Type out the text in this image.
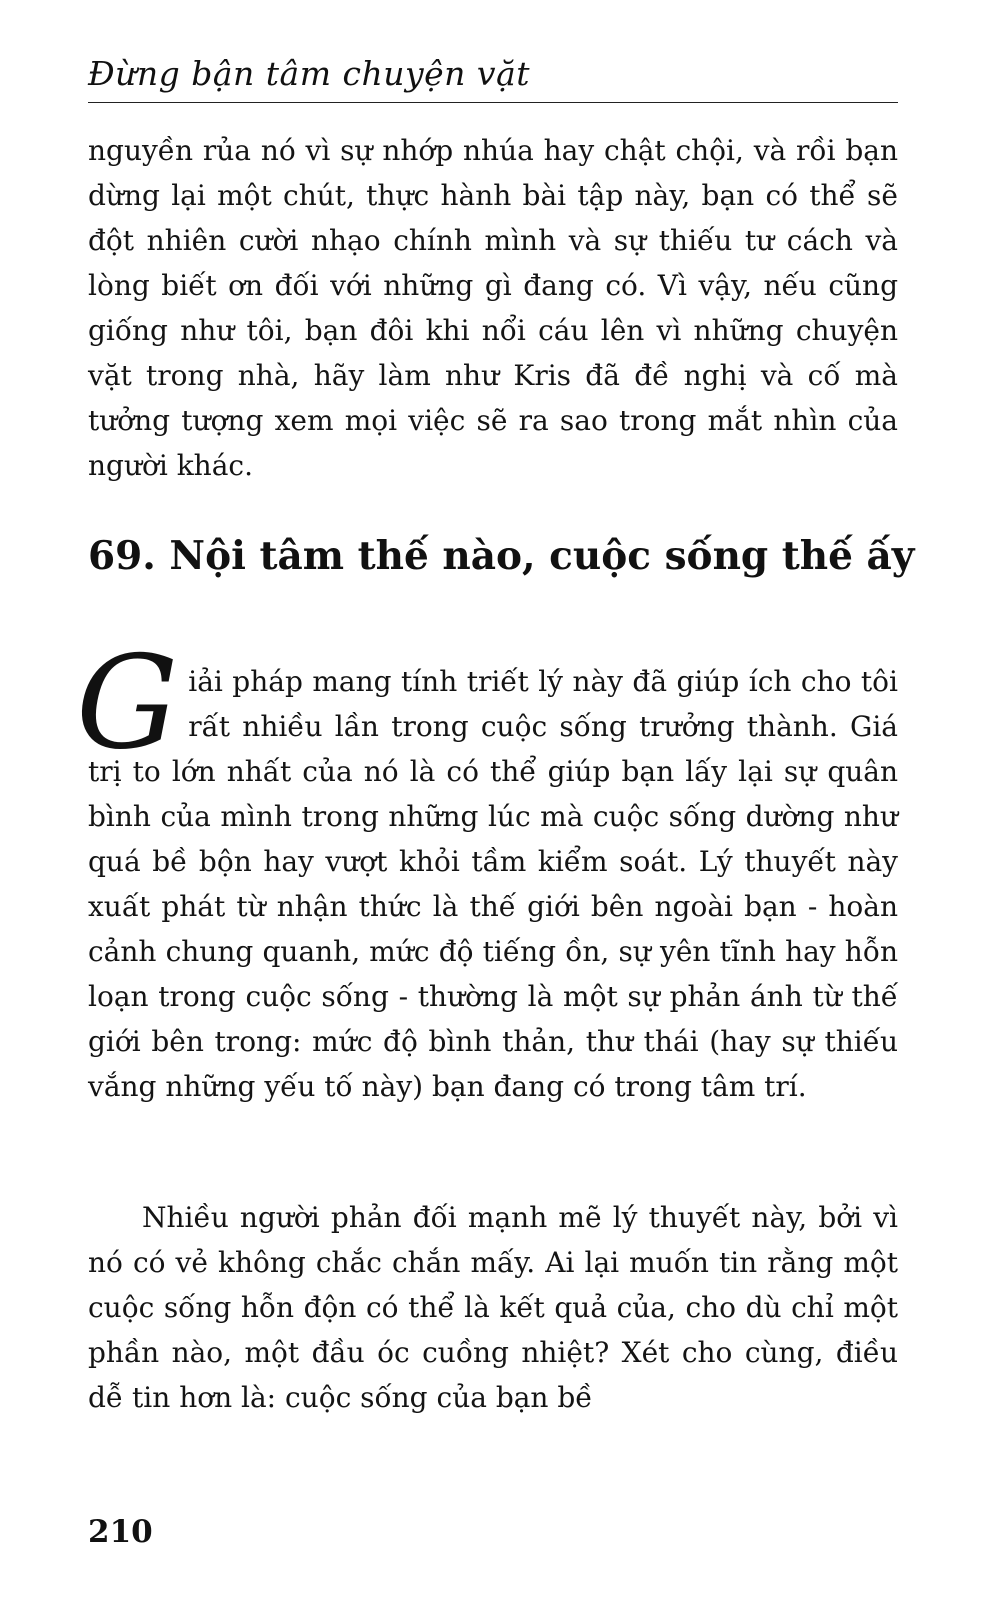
Đừng bận tâm chuyện vặt

nguyền rủa nó vì sự nhớp nhúa hay chật chội, và rồi bạn dừng lại một chút, thực hành bài tập này, bạn có thể sẽ đột nhiên cười nhạo chính mình và sự thiếu tư cách và lòng biết ơn đối với những gì đang có. Vì vậy, nếu cũng giống như tôi, bạn đôi khi nổi cáu lên vì những chuyện vặt trong nhà, hãy làm như Kris đã đề nghị và cố mà tưởng tượng xem mọi việc sẽ ra sao trong mắt nhìn của người khác.

69. Nội tâm thế nào, cuộc sống thế ấy
G iải pháp mang tính triết lý này đã giúp ích cho tôi rất nhiều lần trong cuộc sống trưởng thành. Giá trị to lớn nhất của nó là có thể giúp bạn lấy lại sự quân bình của mình trong những lúc mà cuộc sống dường như quá bề bộn hay vượt khỏi tầm kiểm soát. Lý thuyết này xuất phát từ nhận thức là thế giới bên ngoài bạn - hoàn cảnh chung quanh, mức độ tiếng ồn, sự yên tĩnh hay hỗn loạn trong cuộc sống - thường là một sự phản ánh từ thế giới bên trong: mức độ bình thản, thư thái (hay sự thiếu vắng những yếu tố này) bạn đang có trong tâm trí.

Nhiều người phản đối mạnh mẽ lý thuyết này, bởi vì nó có vẻ không chắc chắn mấy. Ai lại muốn tin rằng một cuộc sống hỗn độn có thể là kết quả của, cho dù chỉ một phần nào, một đầu óc cuồng nhiệt? Xét cho cùng, điều dễ tin hơn là: cuộc sống của bạn bề

210
